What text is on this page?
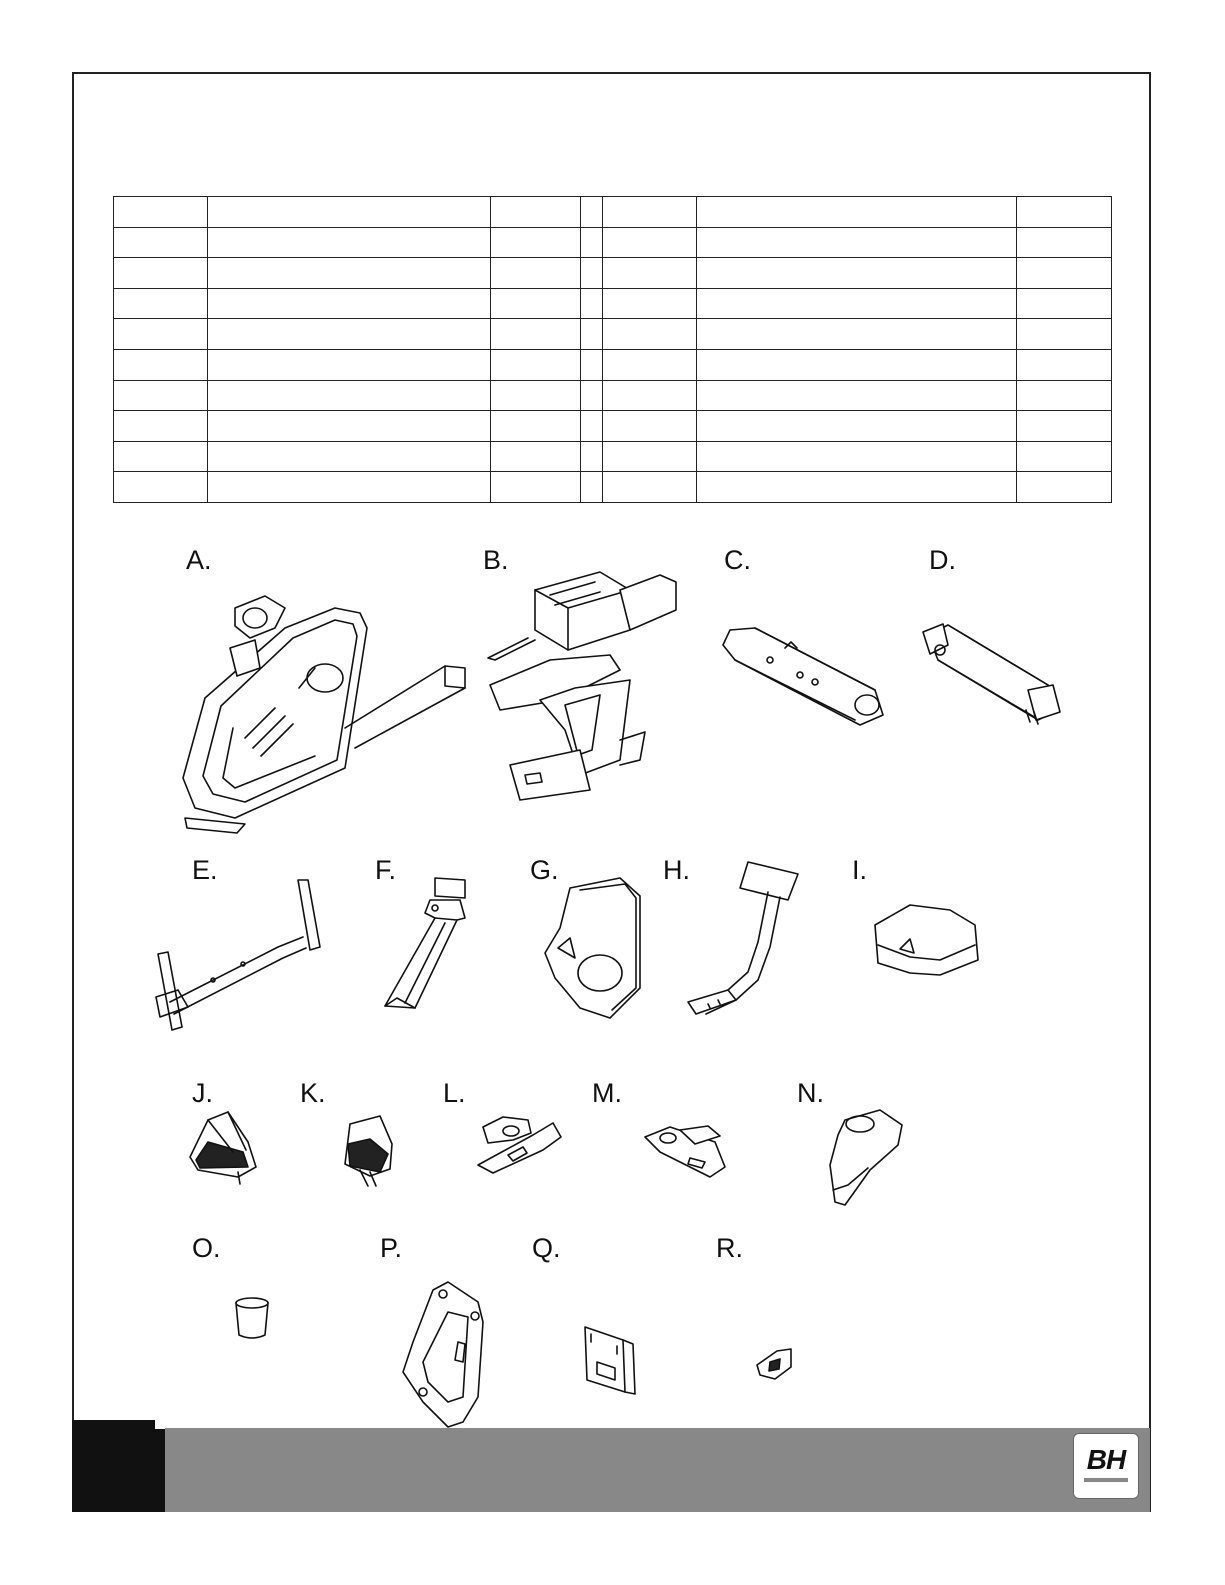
A.	B.	C.	D.
E.	F.	G.	H.	I.
J.	K.	L.	M.	N.
O.	P.	Q.	R.
BH
